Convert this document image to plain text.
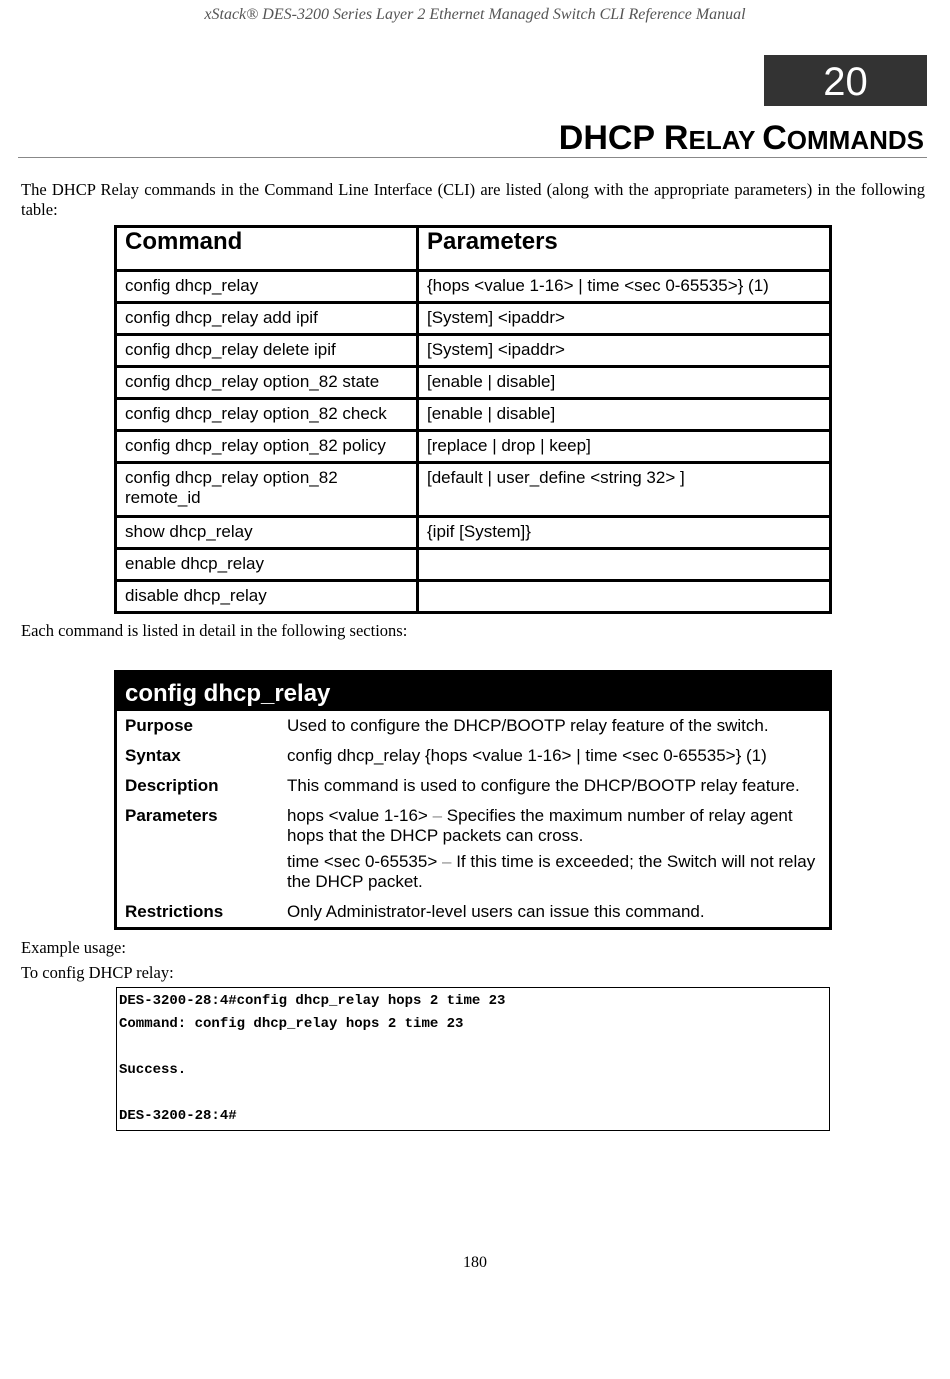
xStack® DES-3200 Series Layer 2 Ethernet Managed Switch CLI Reference Manual
20
DHCP RELAY COMMANDS
The DHCP Relay commands in the Command Line Interface (CLI) are listed (along with the appropriate parameters) in the following table:
Command	Parameters
config dhcp_relay	{hops <value 1-16> | time <sec 0-65535>} (1)
config dhcp_relay add ipif	[System] <ipaddr>
config dhcp_relay delete ipif	[System] <ipaddr>
config dhcp_relay option_82 state	[enable | disable]
config dhcp_relay option_82 check	[enable | disable]
config dhcp_relay option_82 policy	[replace | drop | keep]
config dhcp_relay option_82
remote_id	[default | user_define <string 32> ]
show dhcp_relay	{ipif [System]}
enable dhcp_relay	
disable dhcp_relay	
Each command is listed in detail in the following sections:
config dhcp_relay
Purpose	Used to configure the DHCP/BOOTP relay feature of the switch.
Syntax	config dhcp_relay {hops <value 1-16> | time <sec 0-65535>} (1)
Description	This command is used to configure the DHCP/BOOTP relay feature.
Parameters	hops <value 1-16> – Specifies the maximum number of relay agent hops that the DHCP packets can cross.

time <sec 0-65535> – If this time is exceeded; the Switch will not relay the DHCP packet.

Restrictions	Only Administrator-level users can issue this command.
Example usage:
To config DHCP relay:
DES-3200-28:4#config dhcp_relay hops 2 time 23
Command: config dhcp_relay hops 2 time 23
Success.
DES-3200-28:4#
180
